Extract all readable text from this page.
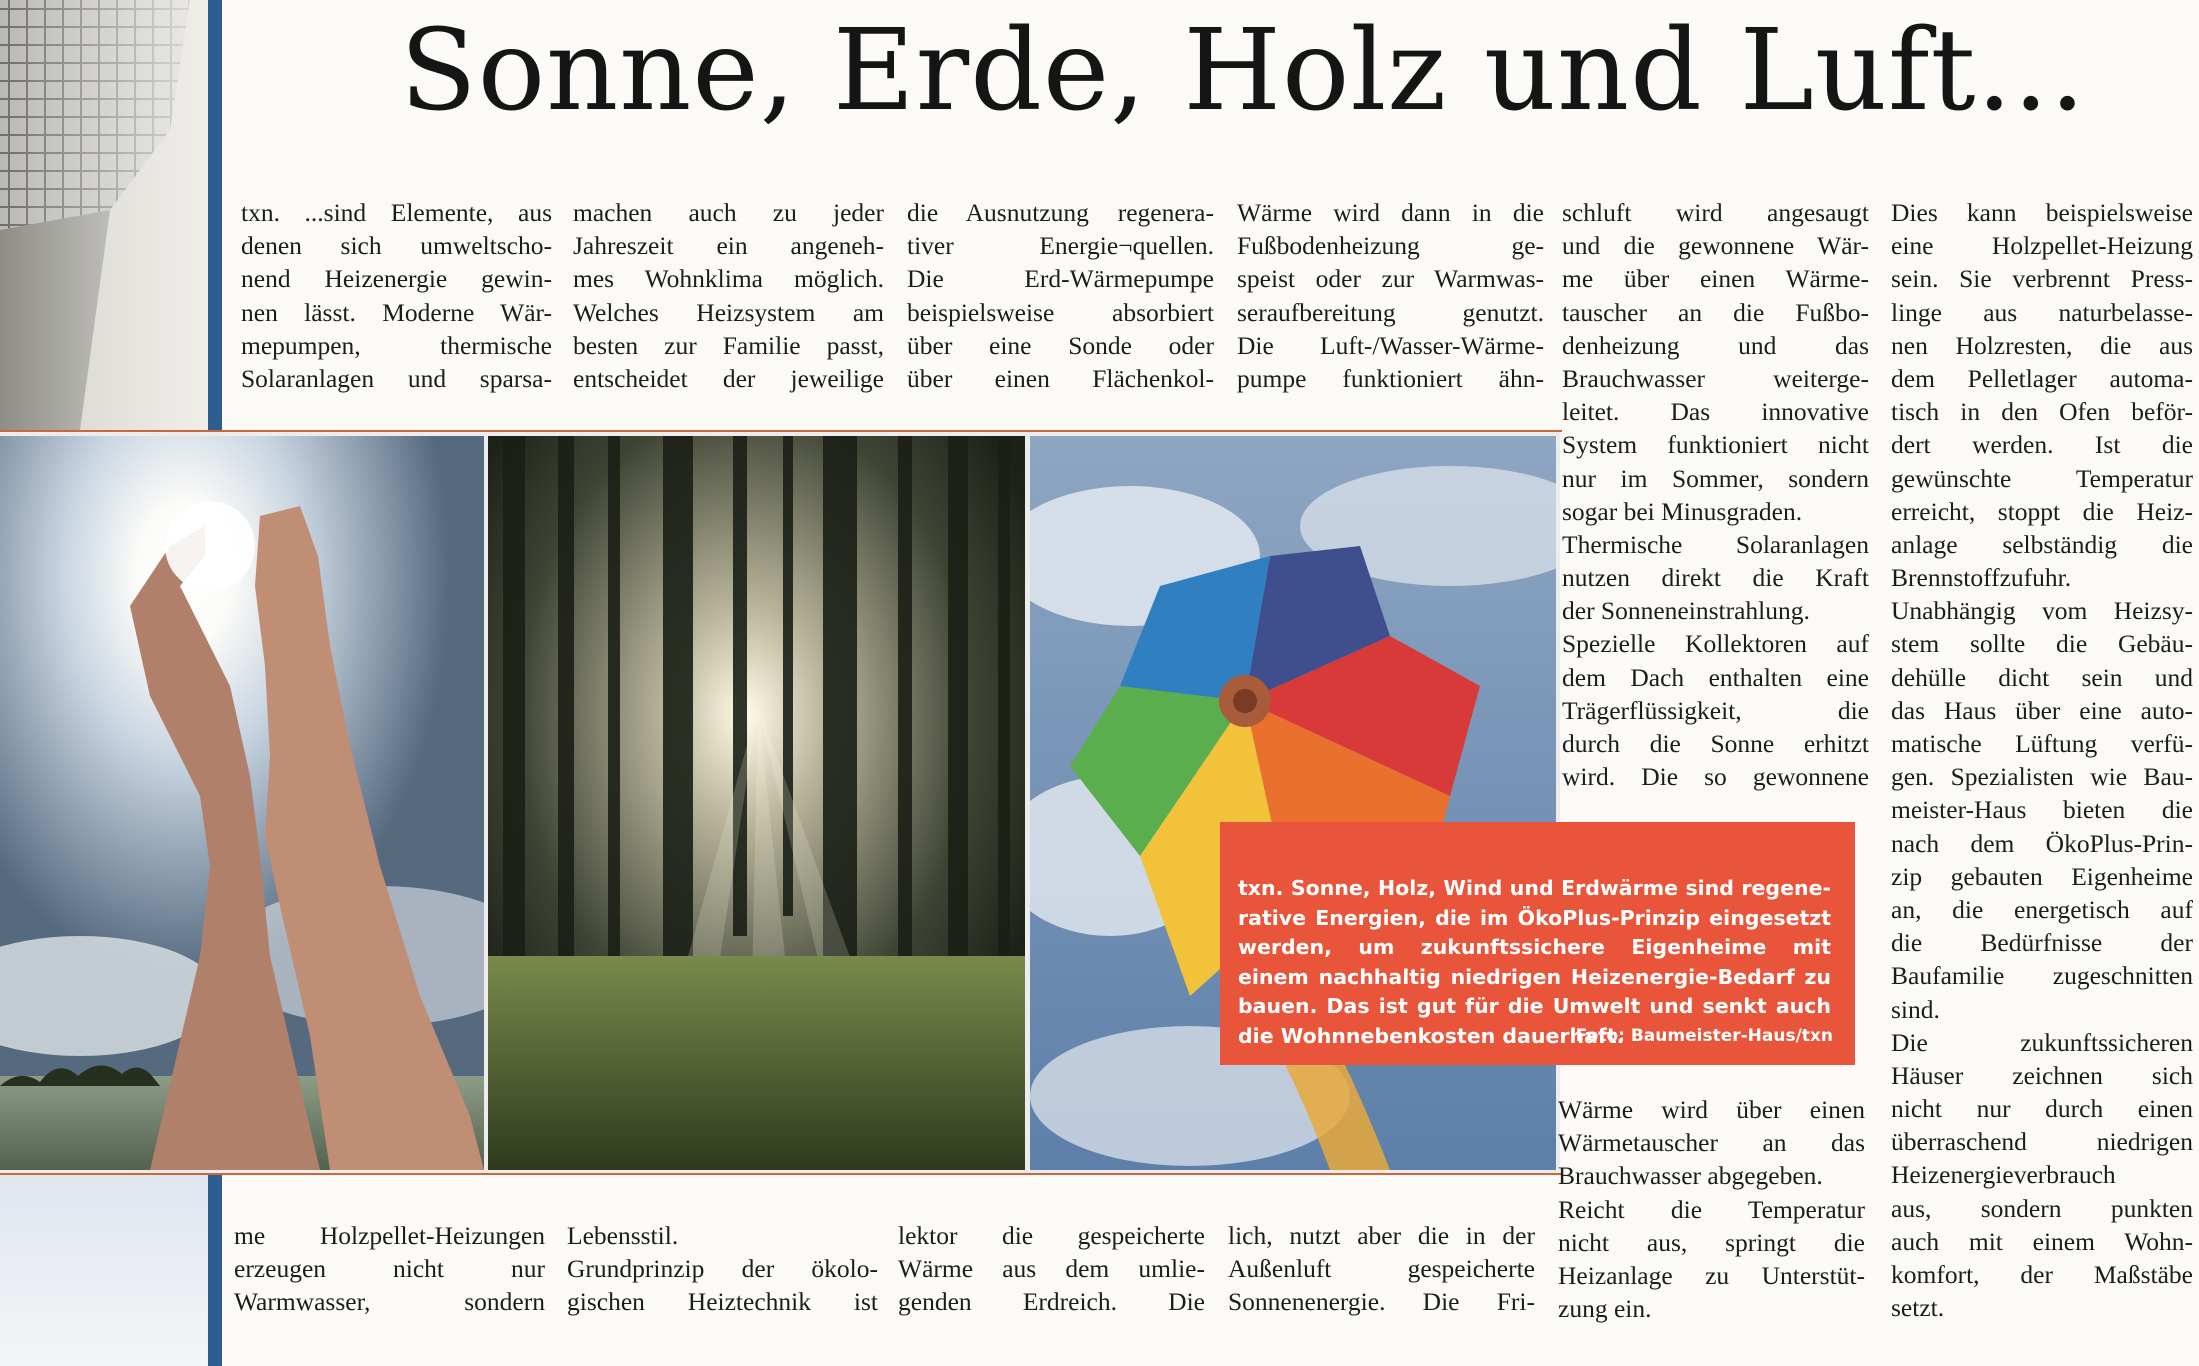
Sonne, Erde, Holz und Luft...
txn. ...sind Elemente, aus
denen sich umweltscho-
nend Heizenergie gewin-
nen lässt. Moderne Wär-
mepumpen, thermische
Solaranlagen und sparsa-
machen auch zu jeder
Jahreszeit ein angeneh-
mes Wohnklima möglich.
Welches Heizsystem am
besten zur Familie passt,
entscheidet der jeweilige
die Ausnutzung regenera-
tiver Energie¬quellen.
Die Erd-Wärmepumpe
beispielsweise absorbiert
über eine Sonde oder
über einen Flächenkol-
Wärme wird dann in die
Fußbodenheizung ge-
speist oder zur Warmwas-
seraufbereitung genutzt.
Die Luft-/Wasser-Wärme-
pumpe funktioniert ähn-
schluft wird angesaugt
und die gewonnene Wär-
me über einen Wärme-
tauscher an die Fußbo-
denheizung und das
Brauchwasser weiterge-
leitet. Das innovative
System funktioniert nicht
nur im Sommer, sondern
sogar bei Minusgraden.
Thermische Solaranlagen
nutzen direkt die Kraft
der Sonneneinstrahlung.
Spezielle Kollektoren auf
dem Dach enthalten eine
Trägerflüssigkeit, die
durch die Sonne erhitzt
wird. Die so gewonnene
Dies kann beispielsweise
eine Holzpellet-Heizung
sein. Sie verbrennt Press-
linge aus naturbelasse-
nen Holzresten, die aus
dem Pelletlager automa-
tisch in den Ofen beför-
dert werden. Ist die
gewünschte Temperatur
erreicht, stoppt die Heiz-
anlage selbständig die
Brennstoffzufuhr.
Unabhängig vom Heizsy-
stem sollte die Gebäu-
dehülle dicht sein und
das Haus über eine auto-
matische Lüftung verfü-
gen. Spezialisten wie Bau-
meister-Haus bieten die
nach dem ÖkoPlus-Prin-
zip gebauten Eigenheime
an, die energetisch auf
die Bedürfnisse der
Baufamilie zugeschnitten
sind.
Die zukunftssicheren
Häuser zeichnen sich
nicht nur durch einen
überraschend niedrigen
Heizenergieverbrauch
aus, sondern punkten
auch mit einem Wohn-
komfort, der Maßstäbe
setzt.
txn. Sonne, Holz, Wind und Erdwärme sind regene-
rative Energien, die im ÖkoPlus-Prinzip eingesetzt
werden, um zukunftssichere Eigenheime mit
einem nachhaltig niedrigen Heizenergie-Bedarf zu
bauen. Das ist gut für die Umwelt und senkt auch
die Wohnnebenkosten dauerhaft.
Foto: Baumeister-Haus/txn
Wärme wird über einen
Wärmetauscher an das
Brauchwasser abgegeben.
Reicht die Temperatur
nicht aus, springt die
Heizanlage zu Unterstüt-
zung ein.
me Holzpellet-Heizungen
erzeugen nicht nur
Warmwasser, sondern
Lebensstil.
Grundprinzip der ökolo-
gischen Heiztechnik ist
lektor die gespeicherte
Wärme aus dem umlie-
genden Erdreich. Die
lich, nutzt aber die in der
Außenluft gespeicherte
Sonnenenergie. Die Fri-
